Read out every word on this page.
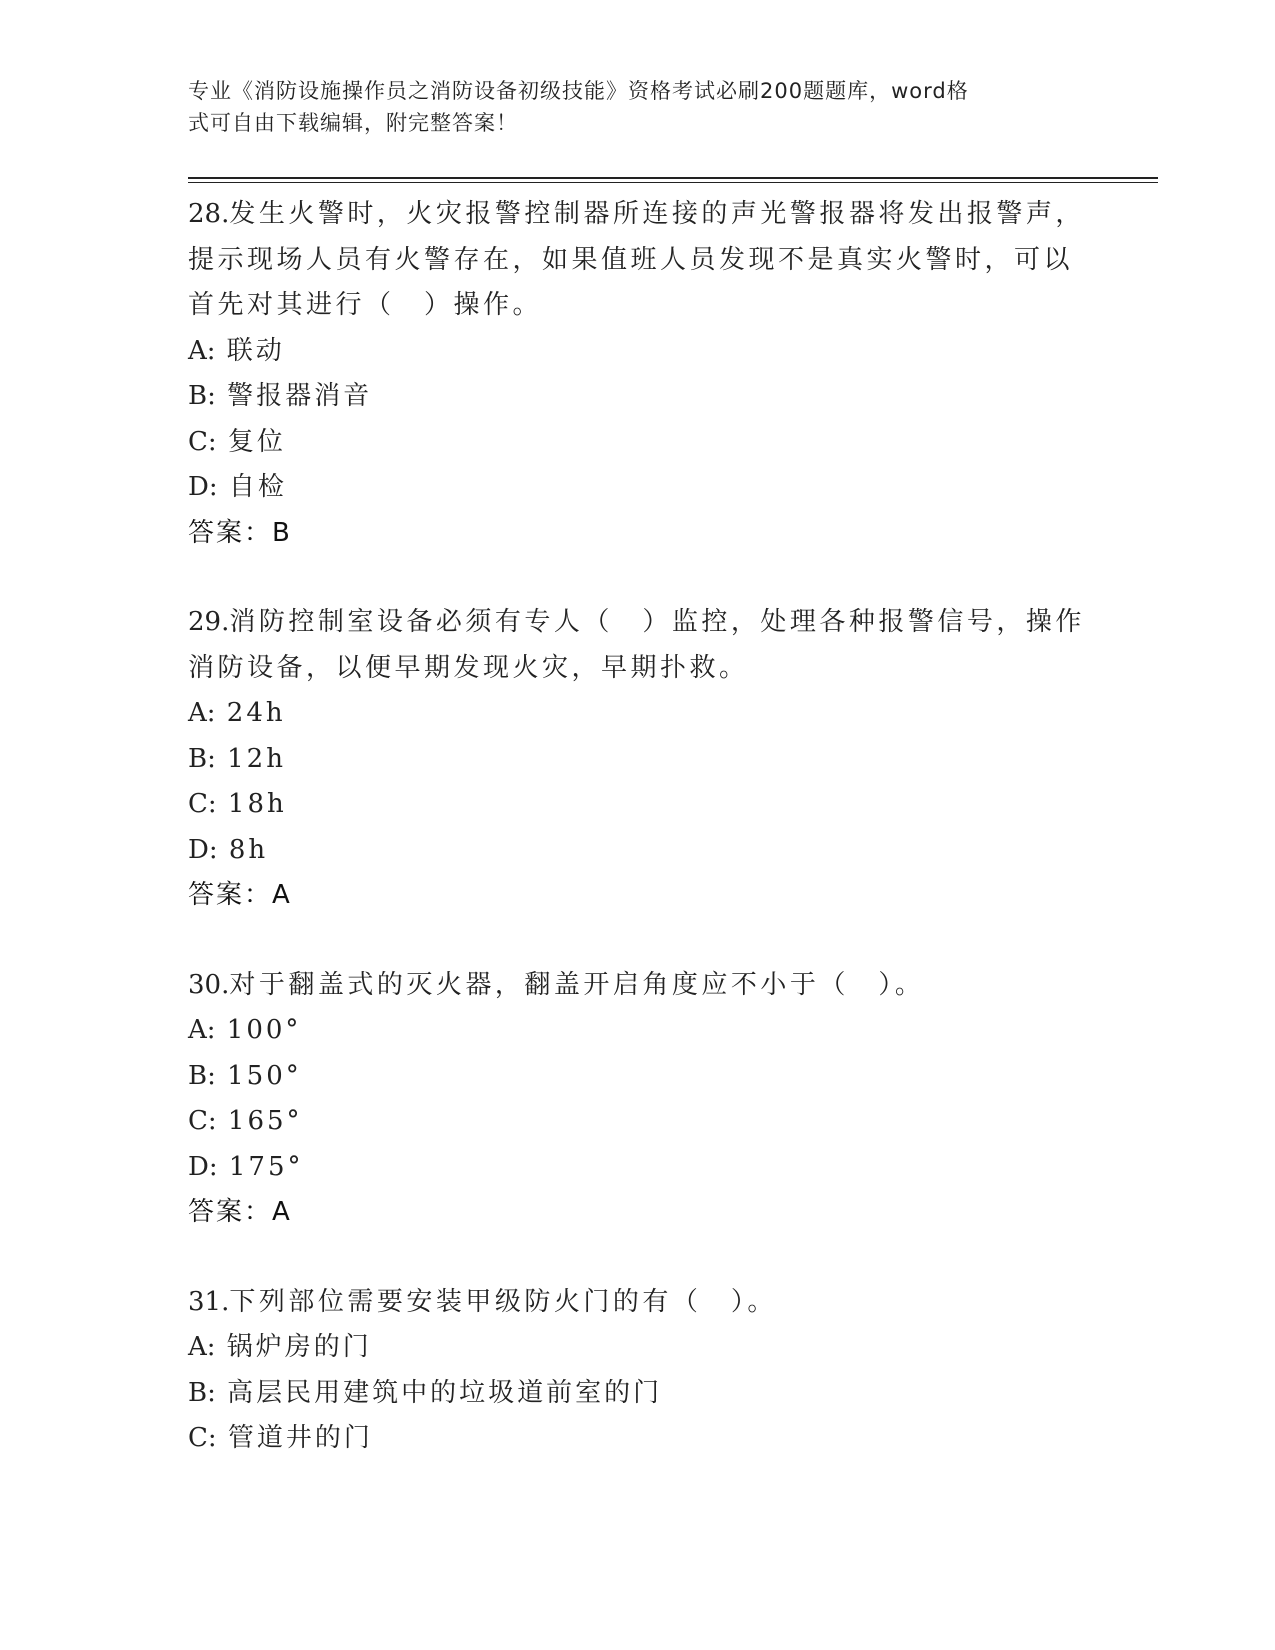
专业《消防设施操作员之消防设备初级技能》资格考试必刷200题题库，word格
式可自由下载编辑，附完整答案！

28.发生火警时，火灾报警控制器所连接的声光警报器将发出报警声，提示现场人员有火警存在，如果值班人员发现不是真实火警时，可以首先对其进行（　）操作。

A: 联动

B: 警报器消音

C: 复位

D: 自检

答案：B

29.消防控制室设备必须有专人（　）监控，处理各种报警信号，操作消防设备，以便早期发现火灾，早期扑救。

A: 24h

B: 12h

C: 18h

D: 8h

答案：A

30.对于翻盖式的灭火器，翻盖开启角度应不小于（　）。

A: 100°

B: 150°

C: 165°

D: 175°

答案：A

31.下列部位需要安装甲级防火门的有（　）。

A: 锅炉房的门

B: 高层民用建筑中的垃圾道前室的门

C: 管道井的门
